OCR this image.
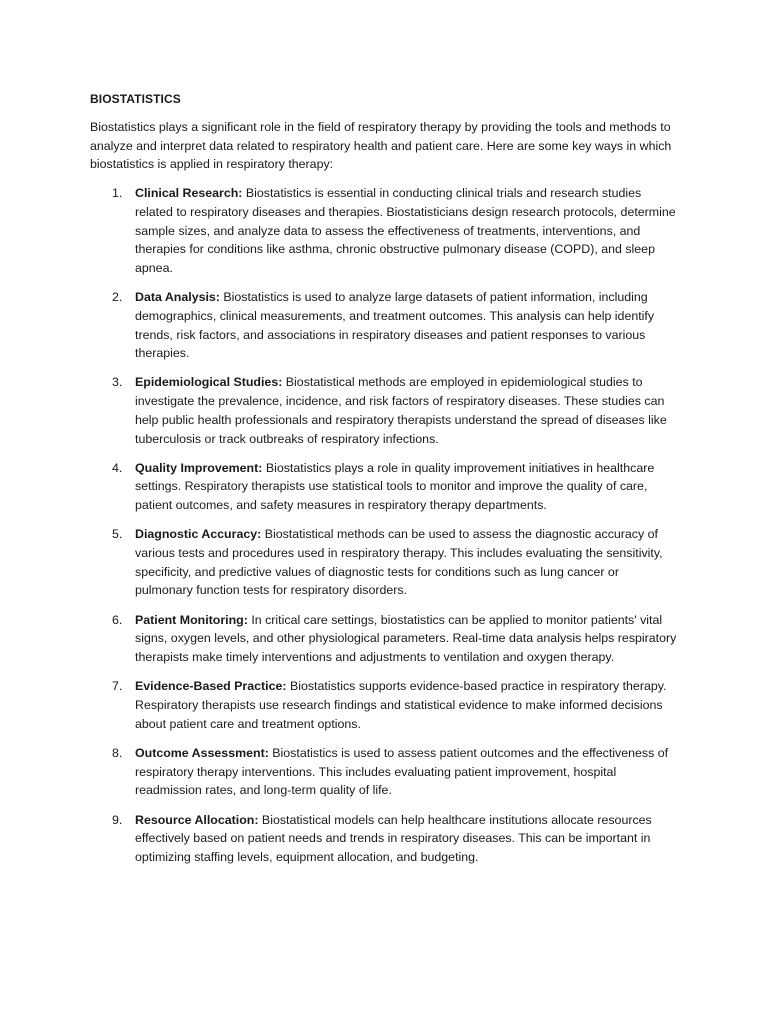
BIOSTATISTICS

Biostatistics plays a significant role in the field of respiratory therapy by providing the tools and methods to analyze and interpret data related to respiratory health and patient care. Here are some key ways in which biostatistics is applied in respiratory therapy:

1. Clinical Research: Biostatistics is essential in conducting clinical trials and research studies related to respiratory diseases and therapies. Biostatisticians design research protocols, determine sample sizes, and analyze data to assess the effectiveness of treatments, interventions, and therapies for conditions like asthma, chronic obstructive pulmonary disease (COPD), and sleep apnea.
2. Data Analysis: Biostatistics is used to analyze large datasets of patient information, including demographics, clinical measurements, and treatment outcomes. This analysis can help identify trends, risk factors, and associations in respiratory diseases and patient responses to various therapies.
3. Epidemiological Studies: Biostatistical methods are employed in epidemiological studies to investigate the prevalence, incidence, and risk factors of respiratory diseases. These studies can help public health professionals and respiratory therapists understand the spread of diseases like tuberculosis or track outbreaks of respiratory infections.
4. Quality Improvement: Biostatistics plays a role in quality improvement initiatives in healthcare settings. Respiratory therapists use statistical tools to monitor and improve the quality of care, patient outcomes, and safety measures in respiratory therapy departments.
5. Diagnostic Accuracy: Biostatistical methods can be used to assess the diagnostic accuracy of various tests and procedures used in respiratory therapy. This includes evaluating the sensitivity, specificity, and predictive values of diagnostic tests for conditions such as lung cancer or pulmonary function tests for respiratory disorders.
6. Patient Monitoring: In critical care settings, biostatistics can be applied to monitor patients' vital signs, oxygen levels, and other physiological parameters. Real-time data analysis helps respiratory therapists make timely interventions and adjustments to ventilation and oxygen therapy.
7. Evidence-Based Practice: Biostatistics supports evidence-based practice in respiratory therapy. Respiratory therapists use research findings and statistical evidence to make informed decisions about patient care and treatment options.
8. Outcome Assessment: Biostatistics is used to assess patient outcomes and the effectiveness of respiratory therapy interventions. This includes evaluating patient improvement, hospital readmission rates, and long-term quality of life.
9. Resource Allocation: Biostatistical models can help healthcare institutions allocate resources effectively based on patient needs and trends in respiratory diseases. This can be important in optimizing staffing levels, equipment allocation, and budgeting.
